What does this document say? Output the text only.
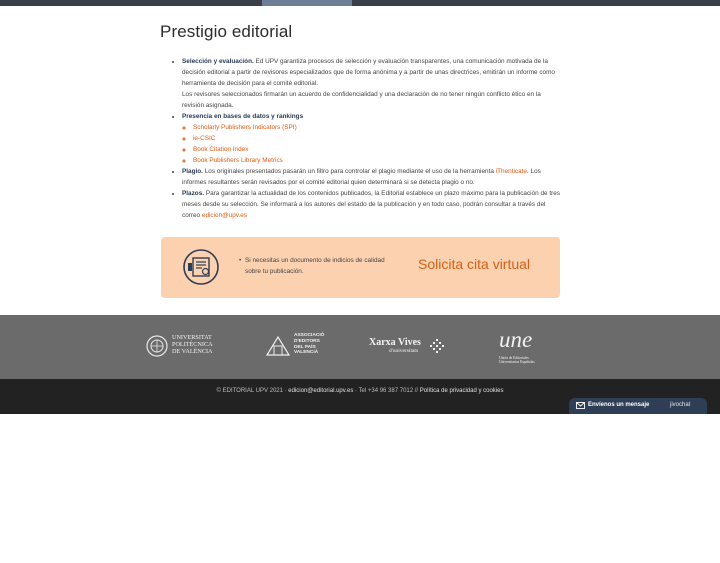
Prestigio editorial
• Selección y evaluación. Ed UPV garantiza procesos de selección y evaluación transparentes, una comunicación motivada de la decisión editorial a partir de revisores especializados que de forma anónima y a partir de unas directrices, emitirán un informe como herramienta de decisión para el comité editorial.
Los revisores seleccionados firmarán un acuerdo de confidencialidad y una declaración de no tener ningún conflicto ético en la revisión asignada.
• Presencia en bases de datos y rankings
◦ Scholarly Publishers Indicators (SPI)
◦ ie-CSIC
◦ Book Citation Index
◦ Book Publishers Library Metrics
• Plagio. Los originales presentados pasarán un filtro para controlar el plagio mediante el uso de la herramienta iThenticate. Los informes resultantes serán revisados por el comité editorial quien determinará si se detecta plagio o no.
• Plazos. Para garantizar la actualidad de los contenidos publicados, la Editorial establece un plazo máximo para la publicación de tres meses desde su selección. Se informará a los autores del estado de la publicación y en todo caso, podrán consultar a través del correo edicion@upv.es
• Si necesitas un documento de indicios de calidad sobre tu publicación.	Solicita cita virtual
UNIVERSITAT
POLITÈCNICA
DE VALÈNCIA
ASSOCIACIÓ
D'EDITORS
DEL PAÍS
VALENCIÀ
Xarxa Vives
d'universitats	une
Unión de Editoriales
Universitarias Españolas
© EDITORIAL UPV 2021 · edicion@editorial.upv.es · Tel +34 96 387 7012 // Política de privacidad y cookies
Envíenos un mensaje	jivochat
